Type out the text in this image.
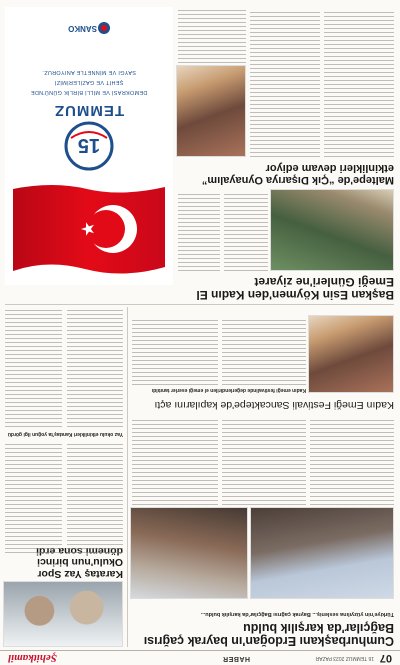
07
16 TEMMUZ 2023 PAZAR
HABER
Şehitkamil
Cumhurbaşkanı Erdoğan'ın bayrak çağrısı Bağçılar'da karşılık buldu
Türkiye'nin yüzyılına sesleniş... Bayrak çağrısı Bağçılar'da karşılık buldu...
Karataş Yaz Spor Okulu'nun birinci dönemi sona erdi
Yaz okulu etkinlikleri Karataş'ta yoğun ilgi gördü
Kadın Emeği Festivali Sancaktepe'de kapılarını açtı
Kadın emeği festivalinde değerlendirilen el emeği eserler tanıtıldı
Başkan Esin Köymen'den Kadın El Emeği Günleri'ne ziyaret
Maltepe'de “Çık Dışarıya Oynayalım” etkinlikleri devam ediyor
15
TEMMUZ
DEMOKRASİ VE MİLLİ BİRLİK GÜNÜ'NDE
ŞEHİT VE GAZİLERİMİZİ
SAYGI VE MİNNETLE ANIYORUZ.
SANKO
